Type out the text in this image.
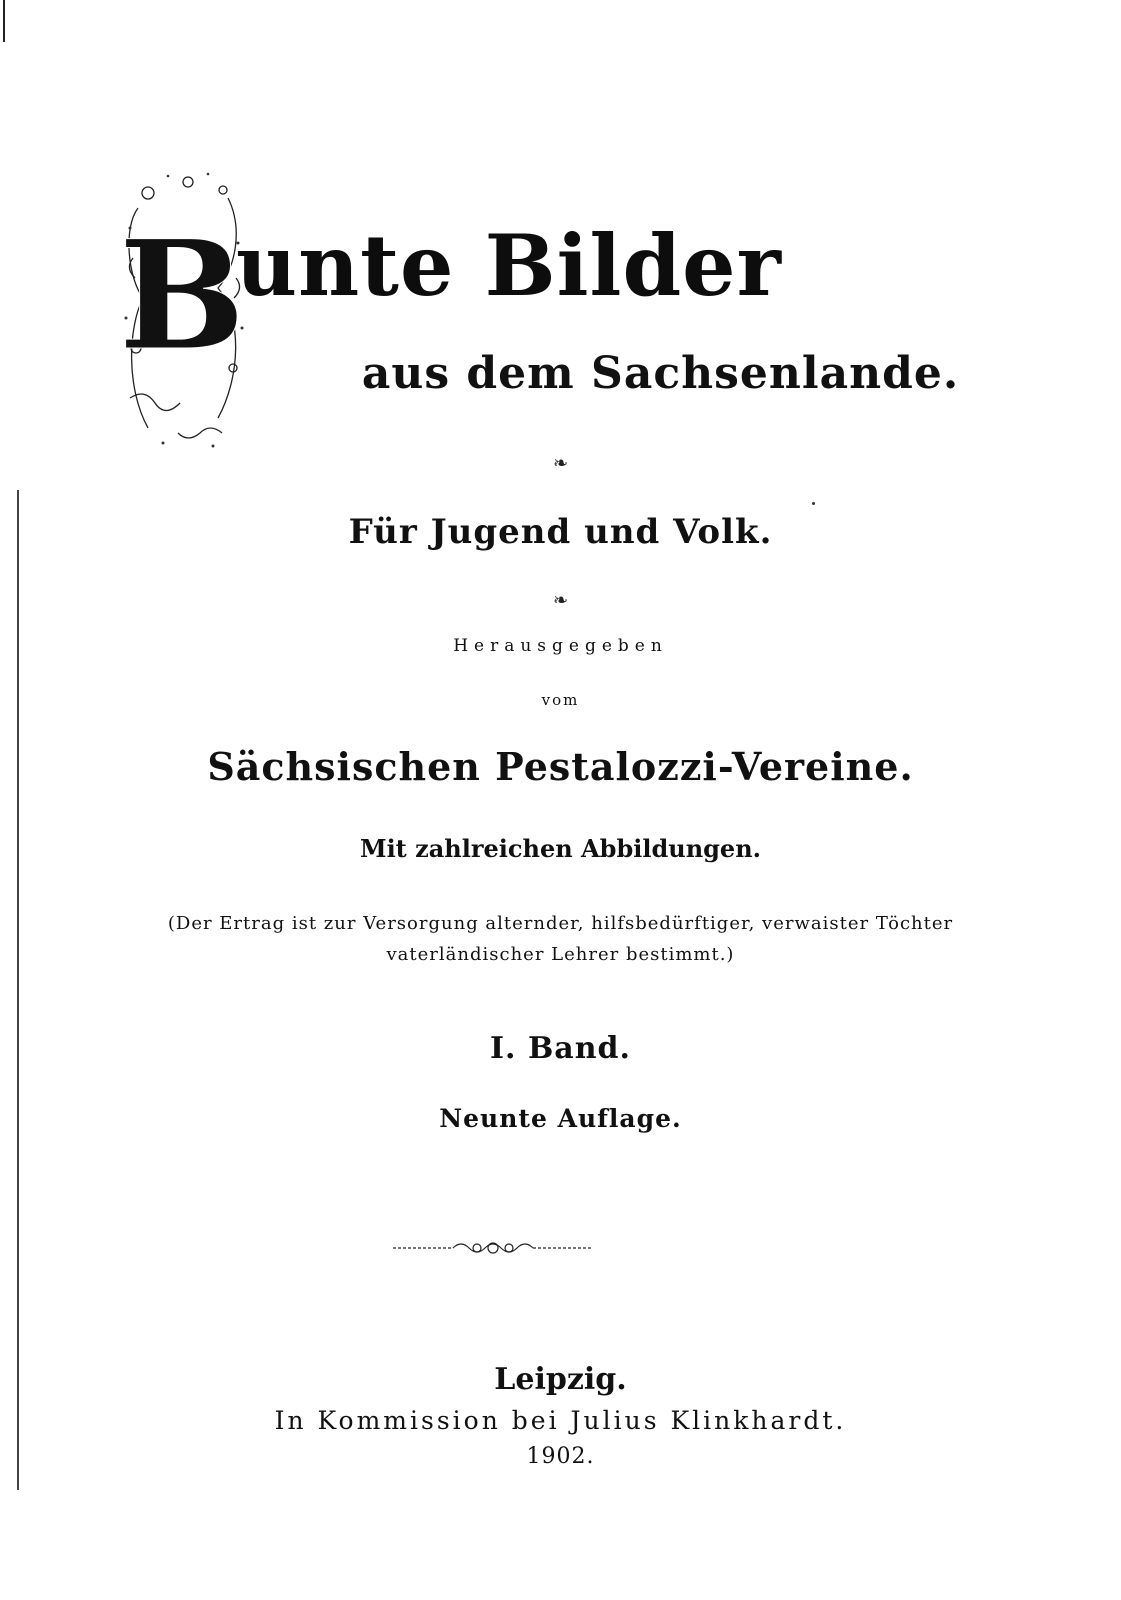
B
unte Bilder
aus dem Sachsenlande.
❧
Für Jugend und Volk.
❧
Herausgegeben
vom
Sächsischen Pestalozzi-Vereine.
Mit zahlreichen Abbildungen.
(Der Ertrag ist zur Versorgung alternder, hilfsbedürftiger, verwaister Töchter
vaterländischer Lehrer bestimmt.)
I. Band.
Neunte Auflage.
Leipzig.
In Kommission bei Julius Klinkhardt.
1902.
